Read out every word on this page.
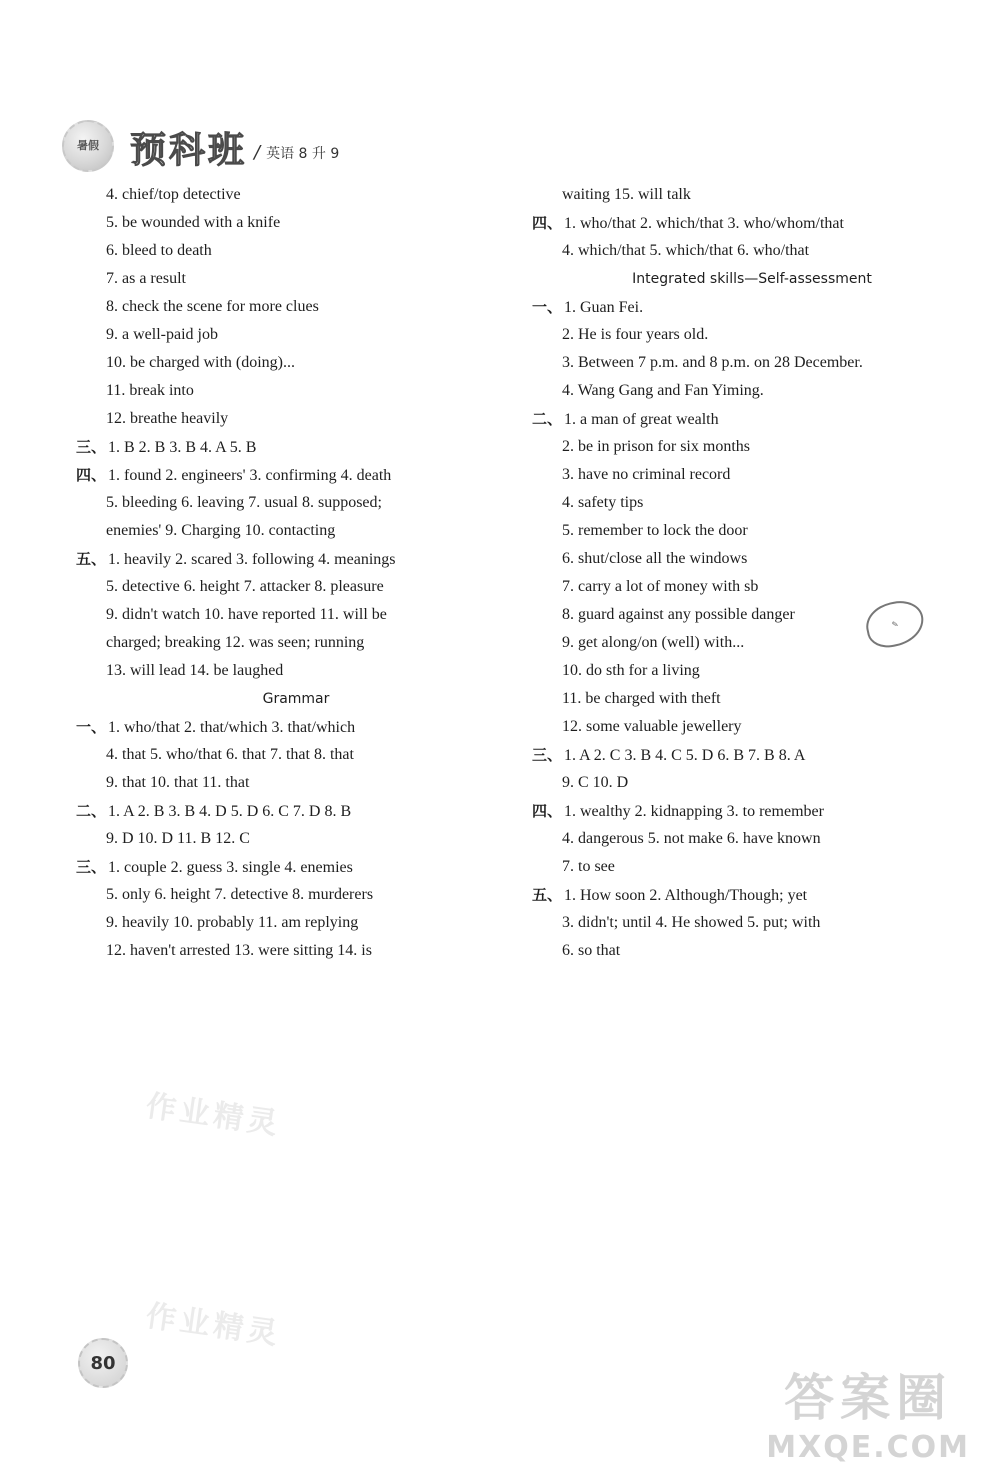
暑假 预科班 / 英语 8 升 9
4. chief/top detective
5. be wounded with a knife
6. bleed to death
7. as a result
8. check the scene for more clues
9. a well-paid job
10. be charged with (doing)...
11. break into
12. breathe heavily
三、 1. B 2. B 3. B 4. A 5. B
四、 1. found 2. engineers' 3. confirming 4. death
5. bleeding 6. leaving 7. usual 8. supposed;
enemies' 9. Charging 10. contacting
五、 1. heavily 2. scared 3. following 4. meanings
5. detective 6. height 7. attacker 8. pleasure
9. didn't watch 10. have reported 11. will be
charged; breaking 12. was seen; running
13. will lead 14. be laughed
Grammar
一、 1. who/that 2. that/which 3. that/which
4. that 5. who/that 6. that 7. that 8. that
9. that 10. that 11. that
二、 1. A 2. B 3. B 4. D 5. D 6. C 7. D 8. B
9. D 10. D 11. B 12. C
三、 1. couple 2. guess 3. single 4. enemies
5. only 6. height 7. detective 8. murderers
9. heavily 10. probably 11. am replying
12. haven't arrested 13. were sitting 14. is
waiting 15. will talk
四、 1. who/that 2. which/that 3. who/whom/that
4. which/that 5. which/that 6. who/that
Integrated skills—Self-assessment
一、 1. Guan Fei.
2. He is four years old.
3. Between 7 p.m. and 8 p.m. on 28 December.
4. Wang Gang and Fan Yiming.
二、 1. a man of great wealth
2. be in prison for six months
3. have no criminal record
4. safety tips
5. remember to lock the door
6. shut/close all the windows
7. carry a lot of money with sb
8. guard against any possible danger
9. get along/on (well) with...
10. do sth for a living
11. be charged with theft
12. some valuable jewellery
三、 1. A 2. C 3. B 4. C 5. D 6. B 7. B 8. A
9. C 10. D
四、 1. wealthy 2. kidnapping 3. to remember
4. dangerous 5. not make 6. have known
7. to see
五、 1. How soon 2. Although/Though; yet
3. didn't; until 4. He showed 5. put; with
6. so that
✎
作业精灵
作业精灵
80
答案圈
MXQE.COM
